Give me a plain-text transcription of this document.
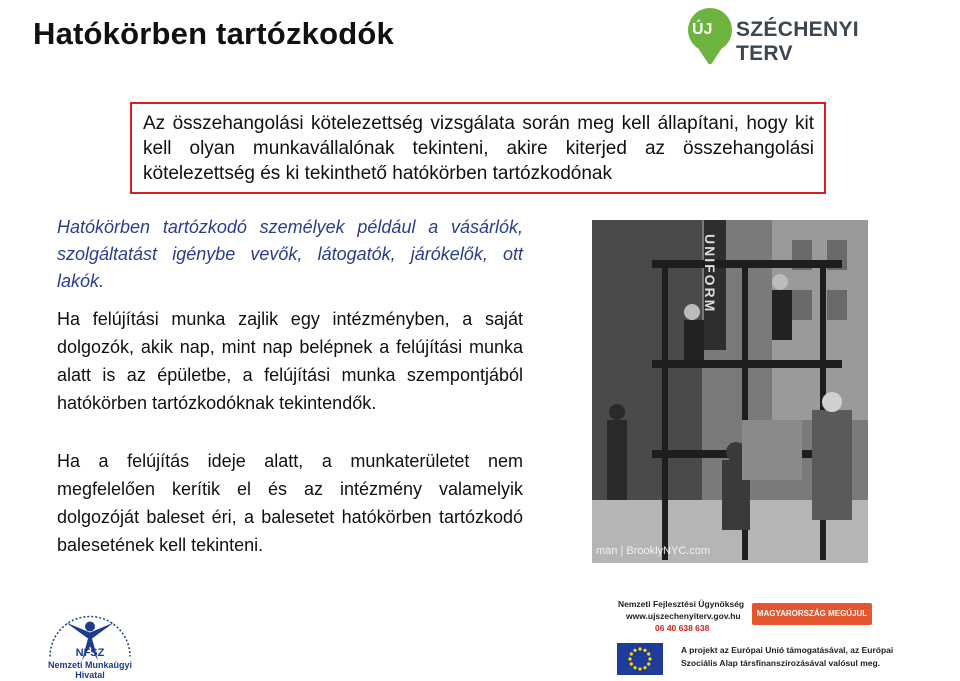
Hatókörben tartózkodók	ÚJ SZÉCHENYI TERV

Az összehangolási kötelezettség vizsgálata során meg kell állapítani, hogy kit kell olyan munkavállalónak tekinteni, akire kiterjed az összehangolási kötelezettség és ki tekinthető hatókörben tartózkodónak

Hatókörben tartózkodó személyek például a vásárlók, szolgáltatást igénybe vevők, látogatók, járókelők, ott lakók.

Ha felújítási munka zajlik egy intézményben, a saját dolgozók, akik nap, mint nap belépnek a felújítási munka alatt is az épületbe, a felújítási munka szempontjából hatókörben tartózkodóknak tekintendők.

Ha a felújítás ideje alatt, a munkaterületet nem megfelelően kerítik el és az intézmény valamelyik dolgozóját baleset éri, a balesetet hatókörben tartózkodó balesetének kell tekinteni.

UNIFORM
man | BrooklyNYC.com
NFSZ
Nemzeti Munkaügyi Hivatal
Nemzeti Fejlesztési Ügynökség
www.ujszechenyiterv.gov.hu
06 40 638 638
MAGYARORSZÁG MEGÚJUL
A projekt az Európai Unió támogatásával, az Európai
Szociális Alap társfinanszírozásával valósul meg.
